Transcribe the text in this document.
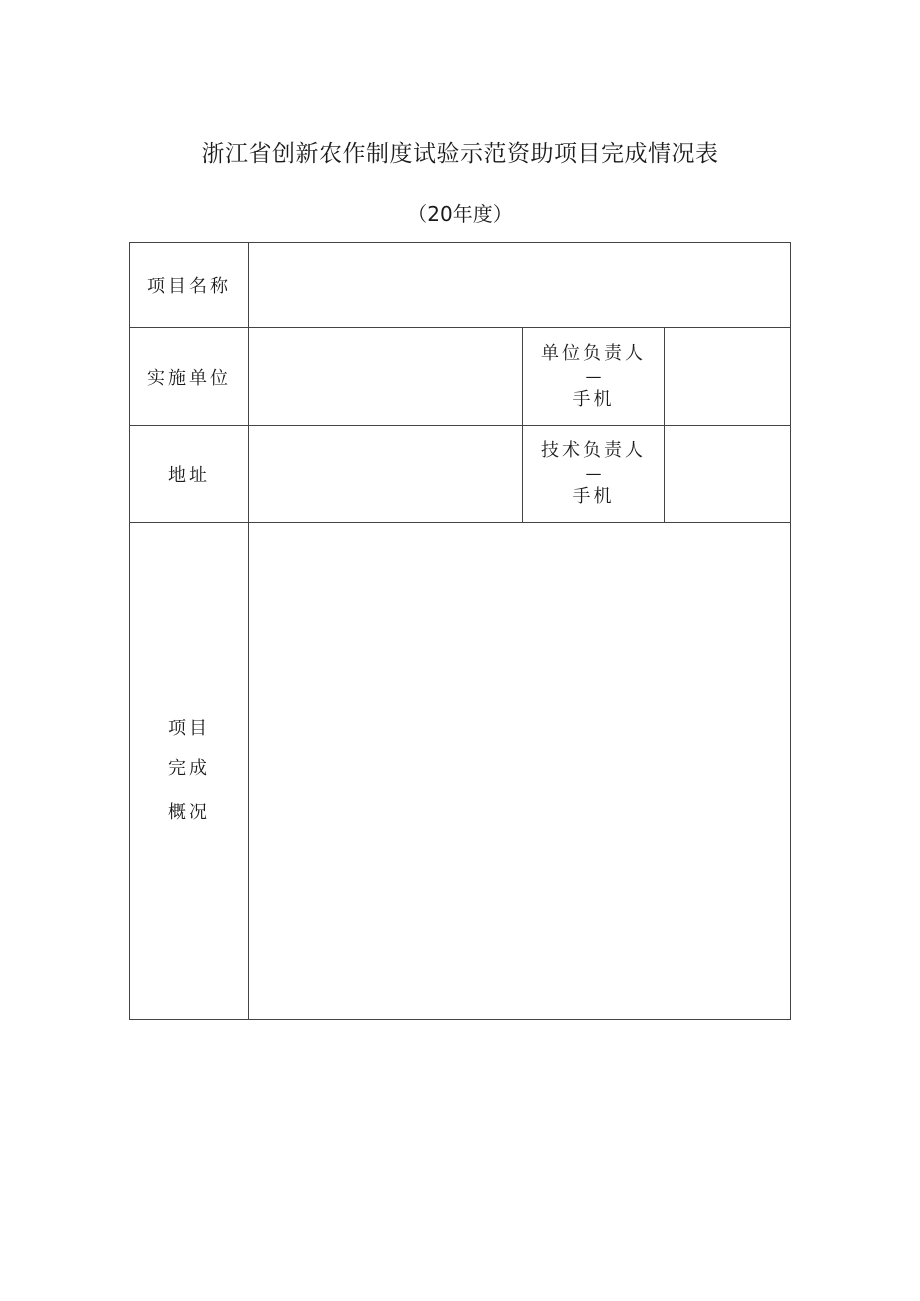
浙江省创新农作制度试验示范资助项目完成情况表
（20年度）
项目名称			
实施单位		单位负责人
—
手机	
地址		技术负责人
—
手机	

项目
完成
概况			
